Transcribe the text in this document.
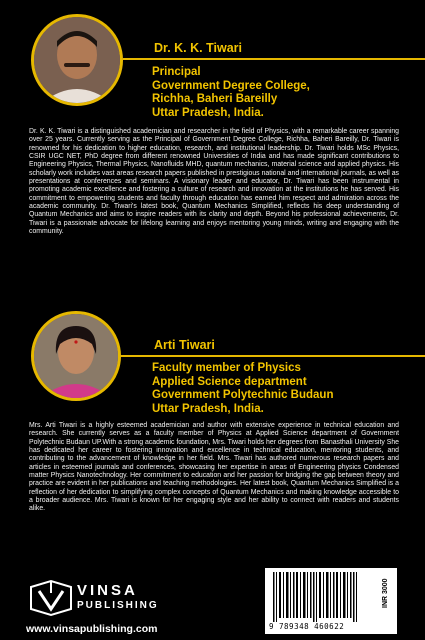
Dr. K. K. Tiwari
Principal
Government Degree College,
Richha, Baheri Bareilly
Uttar Pradesh, India.
Dr. K. K. Tiwari is a distinguished academician and researcher in the field of Physics, with a remarkable career spanning over 25 years. Currently serving as the Principal of Government Degree College, Richha, Baheri Bareilly, Dr. Tiwari is renowned for his dedication to higher education, research, and institutional leadership. Dr. Tiwari holds MSc Physics, CSIR UGC NET, PhD degree from different renowned Universities of India and has made significant contributions to Engineering Physics, Thermal Physics, Nanofluids MHD, quantum mechanics, material science and applied physics. His scholarly work includes vast areas research papers published in prestigious national and international journals, as well as presentations at conferences and seminars. A visionary leader and educator, Dr. Tiwari has been instrumental in promoting academic excellence and fostering a culture of research and innovation at the institutions he has served. His commitment to empowering students and faculty through education has earned him respect and admiration across the academic community. Dr. Tiwari's latest book, Quantum Mechanics Simplified, reflects his deep understanding of Quantum Mechanics and aims to inspire readers with its clarity and depth. Beyond his professional achievements, Dr. Tiwari is a passionate advocate for lifelong learning and enjoys mentoring young minds, writing and engaging with the community.
Arti Tiwari
Faculty member of Physics
Applied Science department
Government Polytechnic Budaun
Uttar Pradesh, India.
Mrs. Arti Tiwari is a highly esteemed academician and author with extensive experience in technical education and research. She currently serves as a faculty member of Physics at Applied Science department of Government Polytechnic Budaun UP.With a strong academic foundation, Mrs. Tiwari holds her degrees from Banasthali University She has dedicated her career to fostering innovation and excellence in technical education, mentoring students, and contributing to the advancement of knowledge in her field. Mrs. Tiwari has authored numerous research papers and articles in esteemed journals and conferences, showcasing her expertise in areas of Engineering physics Condensed matter Physics Nanotechnology. Her commitment to education and her passion for bridging the gap between theory and practice are evident in her publications and teaching methodologies. Her latest book, Quantum Mechanics Simplified is a reflection of her dedication to simplifying complex concepts of Quantum Mechanics and making knowledge accessible to a broader audience. Mrs. Tiwari is known for her engaging style and her ability to connect with readers and students alike.
VINSA
PUBLISHING
www.vinsapublishing.com	9 789348 460622
INR 3000
